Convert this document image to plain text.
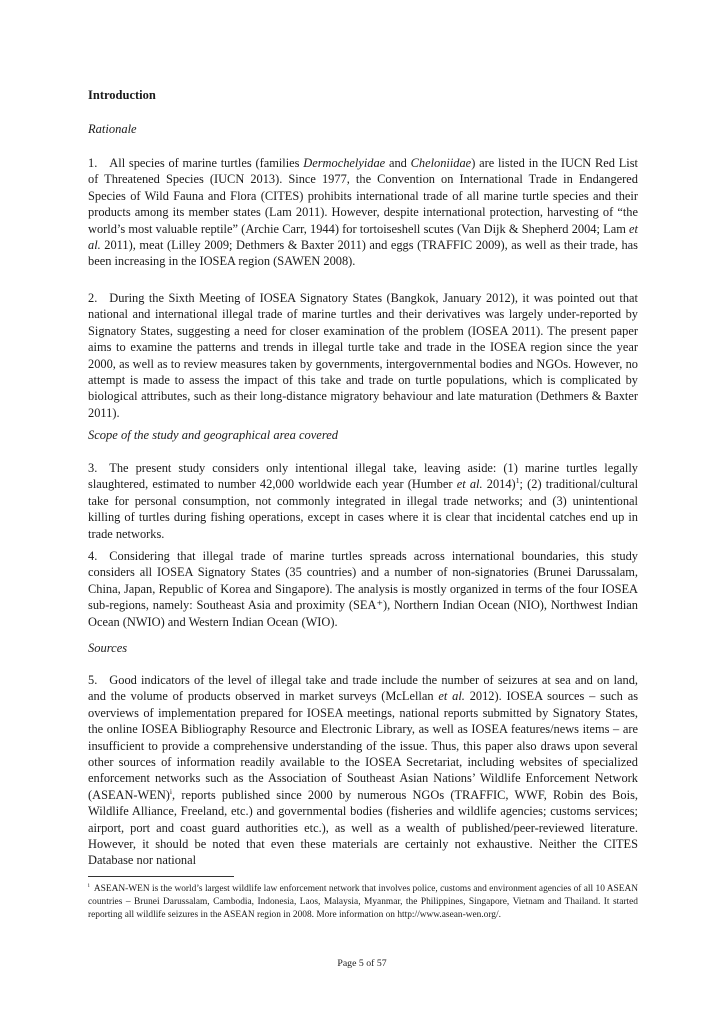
Introduction
Rationale
1. All species of marine turtles (families Dermochelyidae and Cheloniidae) are listed in the IUCN Red List of Threatened Species (IUCN 2013). Since 1977, the Convention on International Trade in Endangered Species of Wild Fauna and Flora (CITES) prohibits international trade of all marine turtle species and their products among its member states (Lam 2011). However, despite international protection, harvesting of “the world’s most valuable reptile” (Archie Carr, 1944) for tortoiseshell scutes (Van Dijk & Shepherd 2004; Lam et al. 2011), meat (Lilley 2009; Dethmers & Baxter 2011) and eggs (TRAFFIC 2009), as well as their trade, has been increasing in the IOSEA region (SAWEN 2008).
2. During the Sixth Meeting of IOSEA Signatory States (Bangkok, January 2012), it was pointed out that national and international illegal trade of marine turtles and their derivatives was largely under-reported by Signatory States, suggesting a need for closer examination of the problem (IOSEA 2011). The present paper aims to examine the patterns and trends in illegal turtle take and trade in the IOSEA region since the year 2000, as well as to review measures taken by governments, intergovernmental bodies and NGOs. However, no attempt is made to assess the impact of this take and trade on turtle populations, which is complicated by biological attributes, such as their long-distance migratory behaviour and late maturation (Dethmers & Baxter 2011).
Scope of the study and geographical area covered
3. The present study considers only intentional illegal take, leaving aside: (1) marine turtles legally slaughtered, estimated to number 42,000 worldwide each year (Humber et al. 2014)$^1$; (2) traditional/cultural take for personal consumption, not commonly integrated in illegal trade networks; and (3) unintentional killing of turtles during fishing operations, except in cases where it is clear that incidental catches end up in trade networks.
4. Considering that illegal trade of marine turtles spreads across international boundaries, this study considers all IOSEA Signatory States (35 countries) and a number of non-signatories (Brunei Darussalam, China, Japan, Republic of Korea and Singapore). The analysis is mostly organized in terms of the four IOSEA sub-regions, namely: Southeast Asia and proximity (SEA⁺), Northern Indian Ocean (NIO), Northwest Indian Ocean (NWIO) and Western Indian Ocean (WIO).
Sources
5. Good indicators of the level of illegal take and trade include the number of seizures at sea and on land, and the volume of products observed in market surveys (McLellan et al. 2012). IOSEA sources – such as overviews of implementation prepared for IOSEA meetings, national reports submitted by Signatory States, the online IOSEA Bibliography Resource and Electronic Library, as well as IOSEA features/news items – are insufficient to provide a comprehensive understanding of the issue. Thus, this paper also draws upon several other sources of information readily available to the IOSEA Secretariat, including websites of specialized enforcement networks such as the Association of Southeast Asian Nations’ Wildlife Enforcement Network (ASEAN-WEN)$^i$, reports published since 2000 by numerous NGOs (TRAFFIC, WWF, Robin des Bois, Wildlife Alliance, Freeland, etc.) and governmental bodies (fisheries and wildlife agencies; customs services; airport, port and coast guard authorities etc.), as well as a wealth of published/peer-reviewed literature. However, it should be noted that even these materials are certainly not exhaustive. Neither the CITES Database nor national
$^i$ ASEAN-WEN is the world’s largest wildlife law enforcement network that involves police, customs and environment agencies of all 10 ASEAN countries – Brunei Darussalam, Cambodia, Indonesia, Laos, Malaysia, Myanmar, the Philippines, Singapore, Vietnam and Thailand. It started reporting all wildlife seizures in the ASEAN region in 2008. More information on http://www.asean-wen.org/.
Page 5 of 57
